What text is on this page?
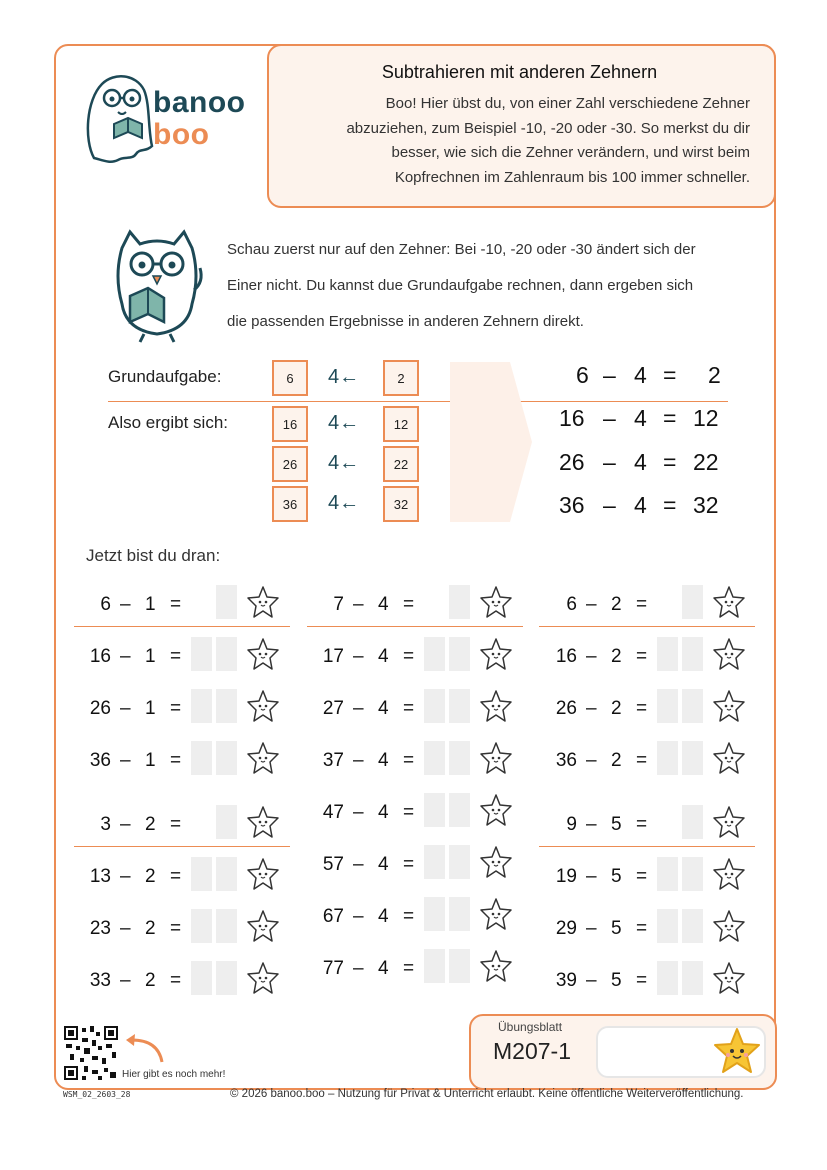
Subtrahieren mit anderen Zehnern
Boo! Hier übst du, von einer Zahl verschiedene Zehner
abzuziehen, zum Beispiel -10, -20 oder -30. So merkst du dir
besser, wie sich die Zehner verändern, und wirst beim
Kopfrechnen im Zahlenraum bis 100 immer schneller.
banoo
boo
Schau zuerst nur auf den Zehner: Bei -10, -20 oder -30 ändert sich der
Einer nicht. Du kannst due Grundaufgabe rechnen, dann ergeben sich
die passenden Ergebnisse in anderen Zehnern direkt.
Grundaufgabe:
Also ergibt sich:
6	4←	2	6 – 4 = 2
16	4←	12	16 – 4 = 12
26	4←	22	26 – 4 = 22
36	4←	32	36 – 4 = 32
Jetzt bist du dran:
6 – 1 =
16 – 1 =
26 – 1 =
36 – 1 =
3 – 2 =
13 – 2 =
23 – 2 =
33 – 2 =
7 – 4 =
17 – 4 =
27 – 4 =
37 – 4 =
47 – 4 =
57 – 4 =
67 – 4 =
77 – 4 =
6 – 2 =
16 – 2 =
26 – 2 =
36 – 2 =
9 – 5 =
19 – 5 =
29 – 5 =
39 – 5 =
Hier gibt es noch mehr!
Übungsblatt
M207-1
WSM_02_2603_28	© 2026 banoo.boo – Nutzung für Privat & Unterricht erlaubt. Keine öffentliche Weiterveröffentlichung.
